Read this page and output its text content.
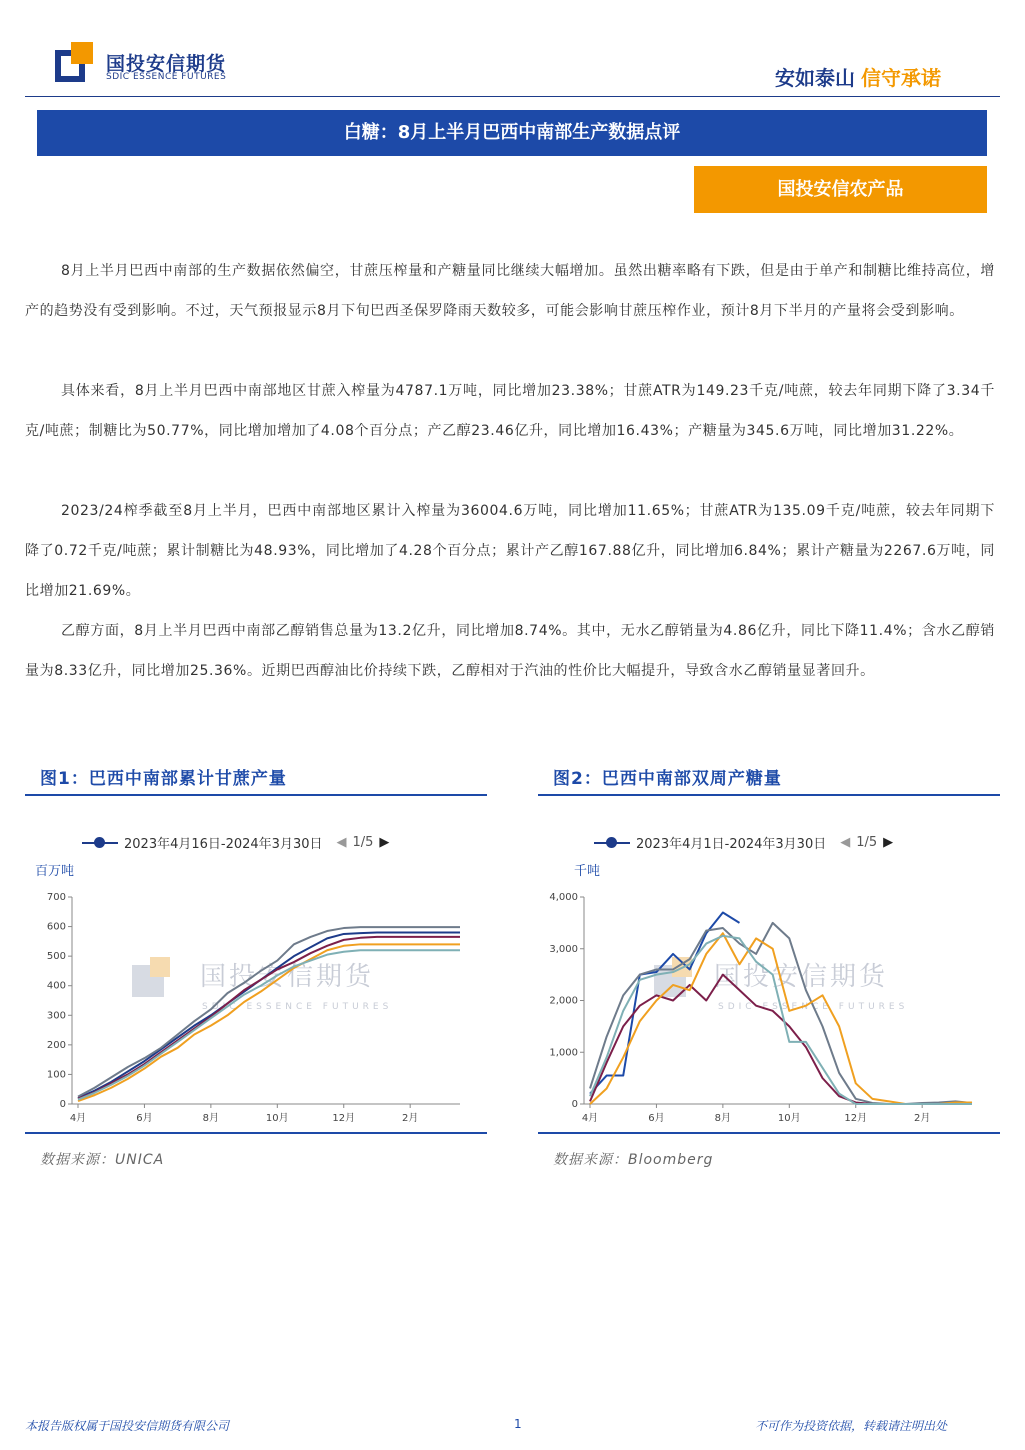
国投安信期货
SDIC ESSENCE FUTURES	安如泰山 信守承诺
白糖：8月上半月巴西中南部生产数据点评
国投安信农产品
8月上半月巴西中南部的生产数据依然偏空，甘蔗压榨量和产糖量同比继续大幅增加。虽然出糖率略有下跌，但是由于单产和制糖比维持高位，增产的趋势没有受到影响。不过，天气预报显示8月下旬巴西圣保罗降雨天数较多，可能会影响甘蔗压榨作业，预计8月下半月的产量将会受到影响。
具体来看，8月上半月巴西中南部地区甘蔗入榨量为4787.1万吨，同比增加23.38%；甘蔗ATR为149.23千克/吨蔗，较去年同期下降了3.34千克/吨蔗；制糖比为50.77%，同比增加增加了4.08个百分点；产乙醇23.46亿升，同比增加16.43%；产糖量为345.6万吨，同比增加31.22%。
2023/24榨季截至8月上半月，巴西中南部地区累计入榨量为36004.6万吨，同比增加11.65%；甘蔗ATR为135.09千克/吨蔗，较去年同期下降了0.72千克/吨蔗；累计制糖比为48.93%，同比增加了4.28个百分点；累计产乙醇167.88亿升，同比增加6.84%；累计产糖量为2267.6万吨，同比增加21.69%。
乙醇方面，8月上半月巴西中南部乙醇销售总量为13.2亿升，同比增加8.74%。其中，无水乙醇销量为4.86亿升，同比下降11.4%；含水乙醇销量为8.33亿升，同比增加25.36%。近期巴西醇油比价持续下跌，乙醇相对于汽油的性价比大幅提升，导致含水乙醇销量显著回升。
图1：巴西中南部累计甘蔗产量
2023年4月16日-2024年3月30日 ◀ 1/5 ▶
百万吨
国投安信期货
SDIC ESSENCE FUTURES
0
100
200
300
400
500
600
700
4月	6月	8月	10月	12月	2月
数据来源：UNICA
图2：巴西中南部双周产糖量
2023年4月1日-2024年3月30日 ◀ 1/5 ▶
千吨
国投安信期货
SDIC ESSENCE FUTURES
0
1,000
2,000
3,000
4,000
4月	6月	8月	10月	12月	2月
数据来源：Bloomberg
本报告版权属于国投安信期货有限公司	1	不可作为投资依据，转载请注明出处
